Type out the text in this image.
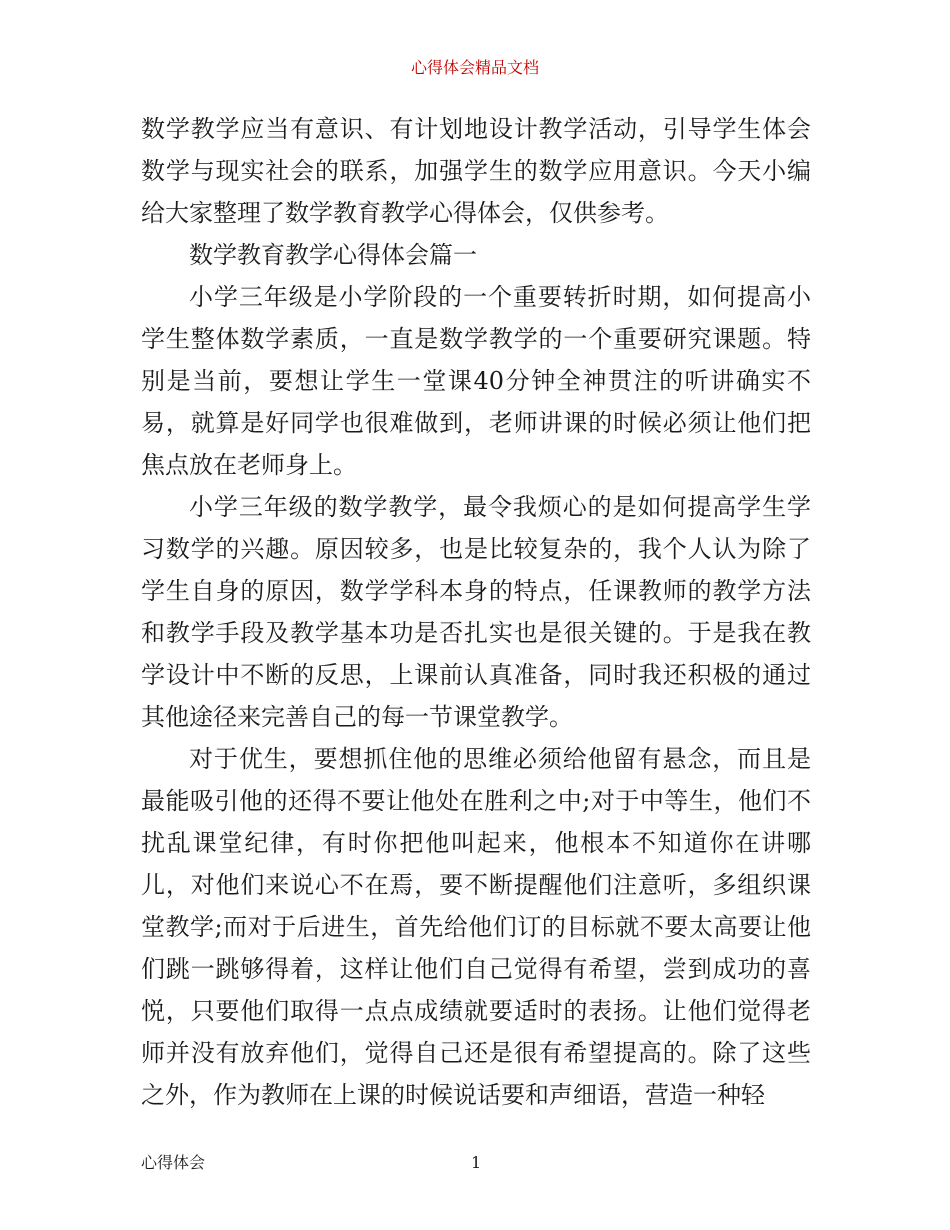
心得体会精品文档

数学教学应当有意识、有计划地设计教学活动，引导学生体会数学与现实社会的联系，加强学生的数学应用意识。今天小编给大家整理了数学教育教学心得体会，仅供参考。

数学教育教学心得体会篇一

小学三年级是小学阶段的一个重要转折时期，如何提高小学生整体数学素质，一直是数学教学的一个重要研究课题。特别是当前，要想让学生一堂课40分钟全神贯注的听讲确实不易，就算是好同学也很难做到，老师讲课的时候必须让他们把焦点放在老师身上。

小学三年级的数学教学，最令我烦心的是如何提高学生学习数学的兴趣。原因较多，也是比较复杂的，我个人认为除了学生自身的原因，数学学科本身的特点，任课教师的教学方法和教学手段及教学基本功是否扎实也是很关键的。于是我在教学设计中不断的反思，上课前认真准备，同时我还积极的通过其他途径来完善自己的每一节课堂教学。

对于优生，要想抓住他的思维必须给他留有悬念，而且是最能吸引他的还得不要让他处在胜利之中;对于中等生，他们不扰乱课堂纪律，有时你把他叫起来，他根本不知道你在讲哪儿，对他们来说心不在焉，要不断提醒他们注意听，多组织课堂教学;而对于后进生，首先给他们订的目标就不要太高要让他们跳一跳够得着，这样让他们自己觉得有希望，尝到成功的喜悦，只要他们取得一点点成绩就要适时的表扬。让他们觉得老师并没有放弃他们，觉得自己还是很有希望提高的。除了这些之外，作为教师在上课的时候说话要和声细语，营造一种轻

心得体会	1
